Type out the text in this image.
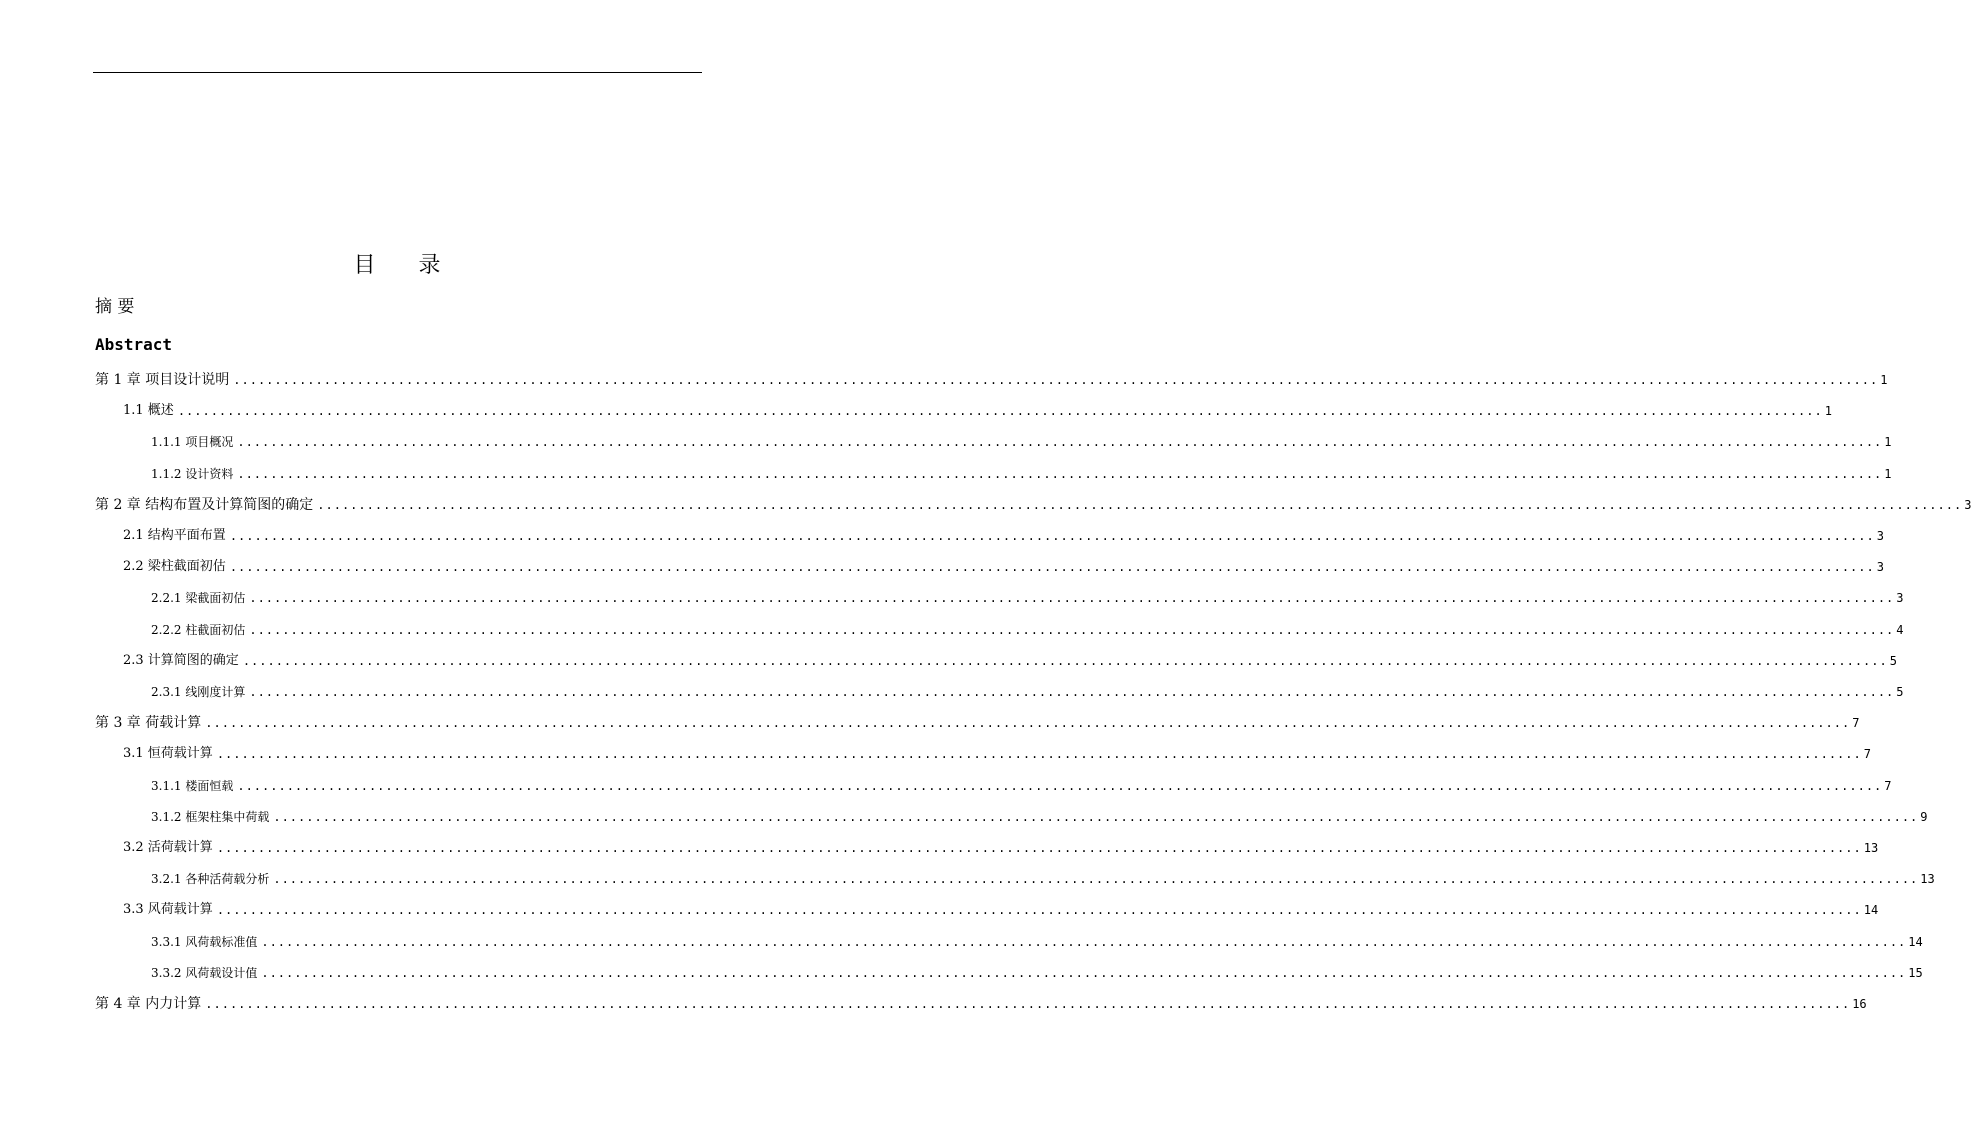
目 录
摘 要
Abstract
第 1 章 项目设计说明 ........................................................................................................................................................................................................ 1
1.1 概述 ........................................................................................................................................................................................................ 1
1.1.1 项目概况 ........................................................................................................................................................................................................ 1
1.1.2 设计资料 ........................................................................................................................................................................................................ 1
第 2 章 结构布置及计算简图的确定 ........................................................................................................................................................................................................ 3
2.1 结构平面布置 ........................................................................................................................................................................................................ 3
2.2 梁柱截面初估 ........................................................................................................................................................................................................ 3
2.2.1 梁截面初估 ........................................................................................................................................................................................................ 3
2.2.2 柱截面初估 ........................................................................................................................................................................................................ 4
2.3 计算简图的确定 ........................................................................................................................................................................................................ 5
2.3.1 线刚度计算 ........................................................................................................................................................................................................ 5
第 3 章 荷载计算 ........................................................................................................................................................................................................ 7
3.1 恒荷载计算 ........................................................................................................................................................................................................ 7
3.1.1 楼面恒载 ........................................................................................................................................................................................................ 7
3.1.2 框架柱集中荷载 ........................................................................................................................................................................................................ 9
3.2 活荷载计算 ........................................................................................................................................................................................................ 13
3.2.1 各种活荷载分析 ........................................................................................................................................................................................................ 13
3.3 风荷载计算 ........................................................................................................................................................................................................ 14
3.3.1 风荷载标准值 ........................................................................................................................................................................................................ 14
3.3.2 风荷载设计值 ........................................................................................................................................................................................................ 15
第 4 章 内力计算 ........................................................................................................................................................................................................ 16
